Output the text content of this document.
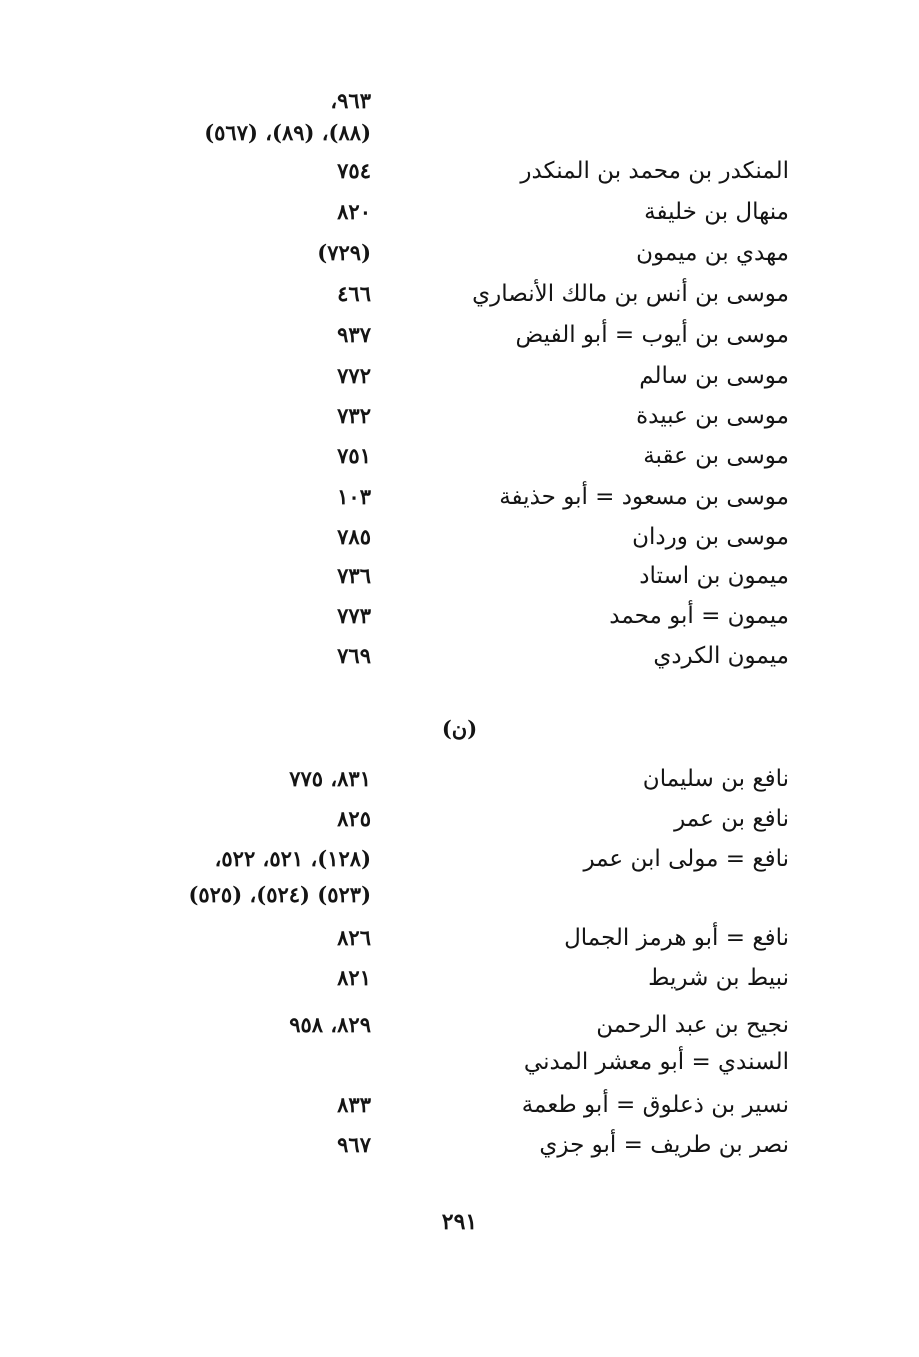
٩٦٣،
(٨٨)، (٨٩)، (٥٦٧)
المنكدر بن محمد بن المنكدر
٧٥٤
منهال بن خليفة
٨٢٠
مهدي بن ميمون
(٧٢٩)
موسى بن أنس بن مالك الأنصاري
٤٦٦
موسى بن أيوب = أبو الفيض
٩٣٧
موسى بن سالم
٧٧٢
موسى بن عبيدة
٧٣٢
موسى بن عقبة
٧٥١
موسى بن مسعود = أبو حذيفة
١٠٣
موسى بن وردان
٧٨٥
ميمون بن استاد
٧٣٦
ميمون = أبو محمد
٧٧٣
ميمون الكردي
٧٦٩
(ن)
نافع بن سليمان
٨٣١، ٧٧٥
نافع بن عمر
٨٢٥
نافع = مولى ابن عمر
(١٢٨)، ٥٢١، ٥٢٢،
(٥٢٣) (٥٢٤)، (٥٢٥)
نافع = أبو هرمز الجمال
٨٢٦
نبيط بن شريط
٨٢١
نجيح بن عبد الرحمن
٨٢٩، ٩٥٨
السندي = أبو معشر المدني
نسير بن ذعلوق = أبو طعمة
٨٣٣
نصر بن طريف = أبو جزي
٩٦٧
٢٩١
